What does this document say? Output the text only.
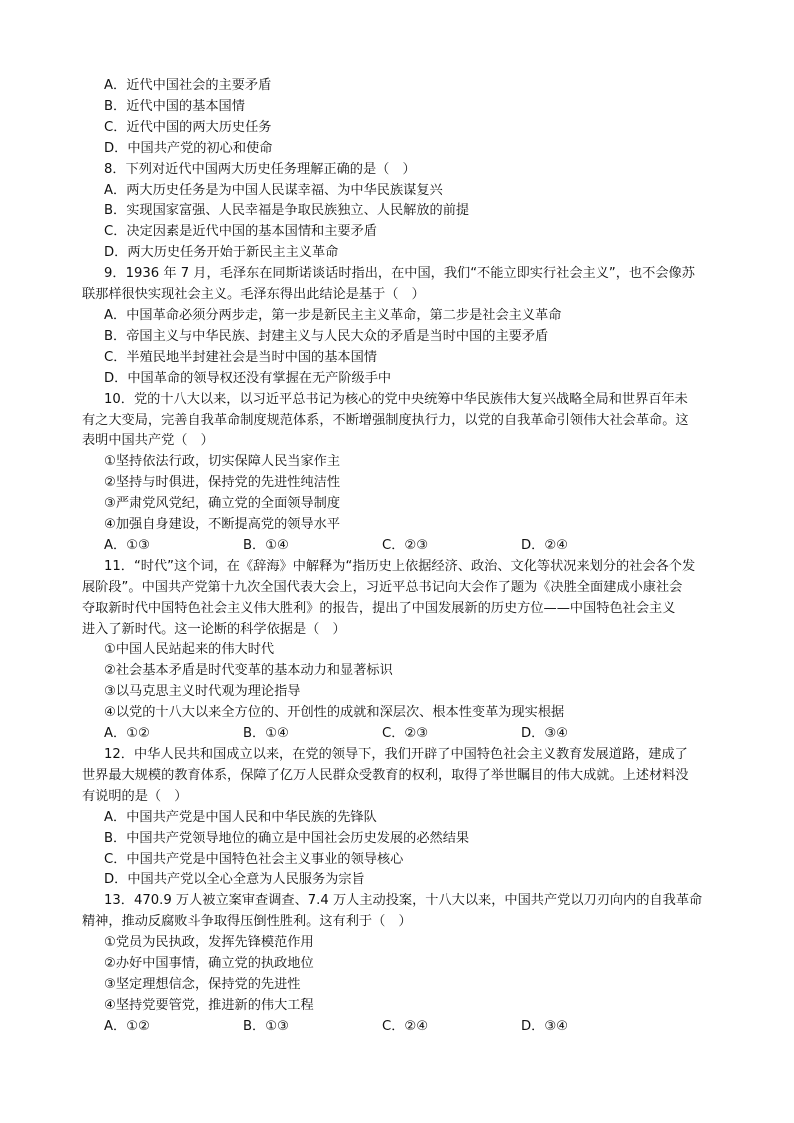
A．近代中国社会的主要矛盾
B．近代中国的基本国情
C．近代中国的两大历史任务
D．中国共产党的初心和使命
8．下列对近代中国两大历史任务理解正确的是（　）
A．两大历史任务是为中国人民谋幸福、为中华民族谋复兴
B．实现国家富强、人民幸福是争取民族独立、人民解放的前提
C．决定因素是近代中国的基本国情和主要矛盾
D．两大历史任务开始于新民主主义革命
9．1936 年 7 月，毛泽东在同斯诺谈话时指出，在中国，我们“不能立即实行社会主义”，也不会像苏
联那样很快实现社会主义。毛泽东得出此结论是基于（　）
A．中国革命必须分两步走，第一步是新民主主义革命，第二步是社会主义革命
B．帝国主义与中华民族、封建主义与人民大众的矛盾是当时中国的主要矛盾
C．半殖民地半封建社会是当时中国的基本国情
D．中国革命的领导权还没有掌握在无产阶级手中
10．党的十八大以来，以习近平总书记为核心的党中央统筹中华民族伟大复兴战略全局和世界百年未
有之大变局，完善自我革命制度规范体系，不断增强制度执行力，以党的自我革命引领伟大社会革命。这
表明中国共产党（　）
①坚持依法行政，切实保障人民当家作主
②坚持与时俱进，保持党的先进性纯洁性
③严肃党风党纪，确立党的全面领导制度
④加强自身建设，不断提高党的领导水平
A．①③	B．①④	C．②③	D．②④
11．“时代”这个词，在《辞海》中解释为“指历史上依据经济、政治、文化等状况来划分的社会各个发
展阶段”。中国共产党第十九次全国代表大会上，习近平总书记向大会作了题为《决胜全面建成小康社会
夺取新时代中国特色社会主义伟大胜利》的报告，提出了中国发展新的历史方位——中国特色社会主义
进入了新时代。这一论断的科学依据是（　）
①中国人民站起来的伟大时代
②社会基本矛盾是时代变革的基本动力和显著标识
③以马克思主义时代观为理论指导
④以党的十八大以来全方位的、开创性的成就和深层次、根本性变革为现实根据
A．①②	B．①④	C．②③	D．③④
12．中华人民共和国成立以来，在党的领导下，我们开辟了中国特色社会主义教育发展道路，建成了
世界最大规模的教育体系，保障了亿万人民群众受教育的权利，取得了举世瞩目的伟大成就。上述材料没
有说明的是（　）
A．中国共产党是中国人民和中华民族的先锋队
B．中国共产党领导地位的确立是中国社会历史发展的必然结果
C．中国共产党是中国特色社会主义事业的领导核心
D．中国共产党以全心全意为人民服务为宗旨
13．470.9 万人被立案审查调查、7.4 万人主动投案，十八大以来，中国共产党以刀刃向内的自我革命
精神，推动反腐败斗争取得压倒性胜利。这有利于（　）
①党员为民执政，发挥先锋模范作用
②办好中国事情，确立党的执政地位
③坚定理想信念，保持党的先进性
④坚持党要管党，推进新的伟大工程
A．①②	B．①③	C．②④	D．③④
